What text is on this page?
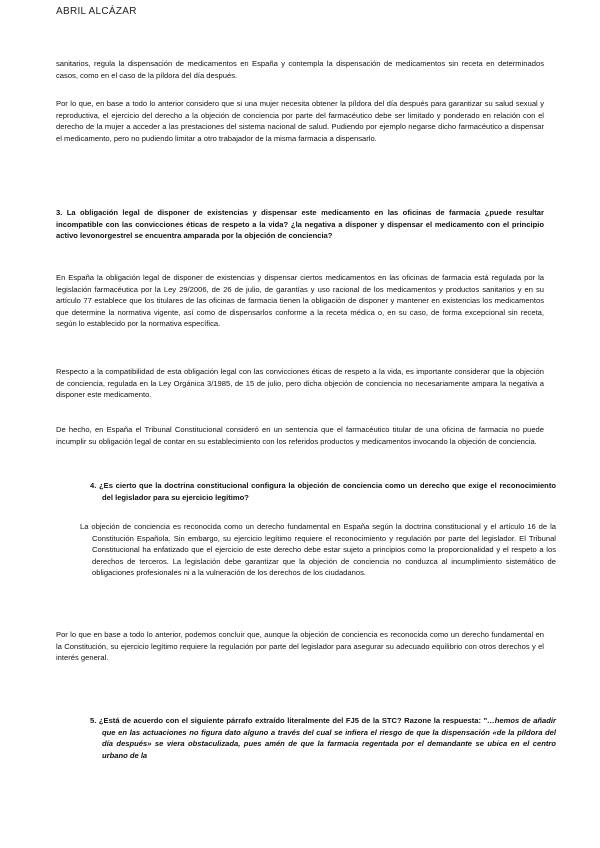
ABRIL ALCÁZAR

sanitarios, regula la dispensación de medicamentos en España y contempla la dispensación de medicamentos sin receta en determinados casos, como en el caso de la píldora del día después.

Por lo que, en base a todo lo anterior considero que si una mujer necesita obtener la píldora del día después para garantizar su salud sexual y reproductiva, el ejercicio del derecho a la objeción de conciencia por parte del farmacéutico debe ser limitado y ponderado en relación con el derecho de la mujer a acceder a las prestaciones del sistema nacional de salud. Pudiendo por ejemplo negarse dicho farmacéutico a dispensar el medicamento, pero no pudiendo limitar a otro trabajador de la misma farmacia a dispensarlo.

3. La obligación legal de disponer de existencias y dispensar este medicamento en las oficinas de farmacia ¿puede resultar incompatible con las convicciones éticas de respeto a la vida? ¿la negativa a disponer y dispensar el medicamento con el principio activo levonorgestrel se encuentra amparada por la objeción de conciencia?

En España la obligación legal de disponer de existencias y dispensar ciertos medicamentos en las oficinas de farmacia está regulada por la legislación farmacéutica por la Ley 29/2006, de 26 de julio, de garantías y uso racional de los medicamentos y productos sanitarios y en su artículo 77 establece que los titulares de las oficinas de farmacia tienen la obligación de disponer y mantener en existencias los medicamentos que determine la normativa vigente, así como de dispensarlos conforme a la receta médica o, en su caso, de forma excepcional sin receta, según lo establecido por la normativa específica.

Respecto a la compatibilidad de esta obligación legal con las convicciones éticas de respeto a la vida, es importante considerar que la objeción de conciencia, regulada en la Ley Orgánica 3/1985, de 15 de julio, pero dicha objeción de conciencia no necesariamente ampara la negativa a disponer este medicamento.

De hecho, en España el Tribunal Constitucional consideró en un sentencia que el farmacéutico titular de una oficina de farmacia no puede incumplir su obligación legal de contar en su establecimiento con los referidos productos y medicamentos invocando la objeción de conciencia.

4. ¿Es cierto que la doctrina constitucional configura la objeción de conciencia como un derecho que exige el reconocimiento del legislador para su ejercicio legítimo?

La objeción de conciencia es reconocida como un derecho fundamental en España según la doctrina constitucional y el artículo 16 de la Constitución Española. Sin embargo, su ejercicio legítimo requiere el reconocimiento y regulación por parte del legislador. El Tribunal Constitucional ha enfatizado que el ejercicio de este derecho debe estar sujeto a principios como la proporcionalidad y el respeto a los derechos de terceros. La legislación debe garantizar que la objeción de conciencia no conduzca al incumplimiento sistemático de obligaciones profesionales ni a la vulneración de los derechos de los ciudadanos.

Por lo que en base a todo lo anterior, podemos concluir que, aunque la objeción de conciencia es reconocida como un derecho fundamental en la Constitución, su ejercicio legítimo requiere la regulación por parte del legislador para asegurar su adecuado equilibrio con otros derechos y el interés general.

5. ¿Está de acuerdo con el siguiente párrafo extraído literalmente del FJ5 de la STC? Razone la respuesta: "…hemos de añadir que en las actuaciones no figura dato alguno a través del cual se infiera el riesgo de que la dispensación «de la píldora del día después» se viera obstaculizada, pues amén de que la farmacia regentada por el demandante se ubica en el centro urbano de la
